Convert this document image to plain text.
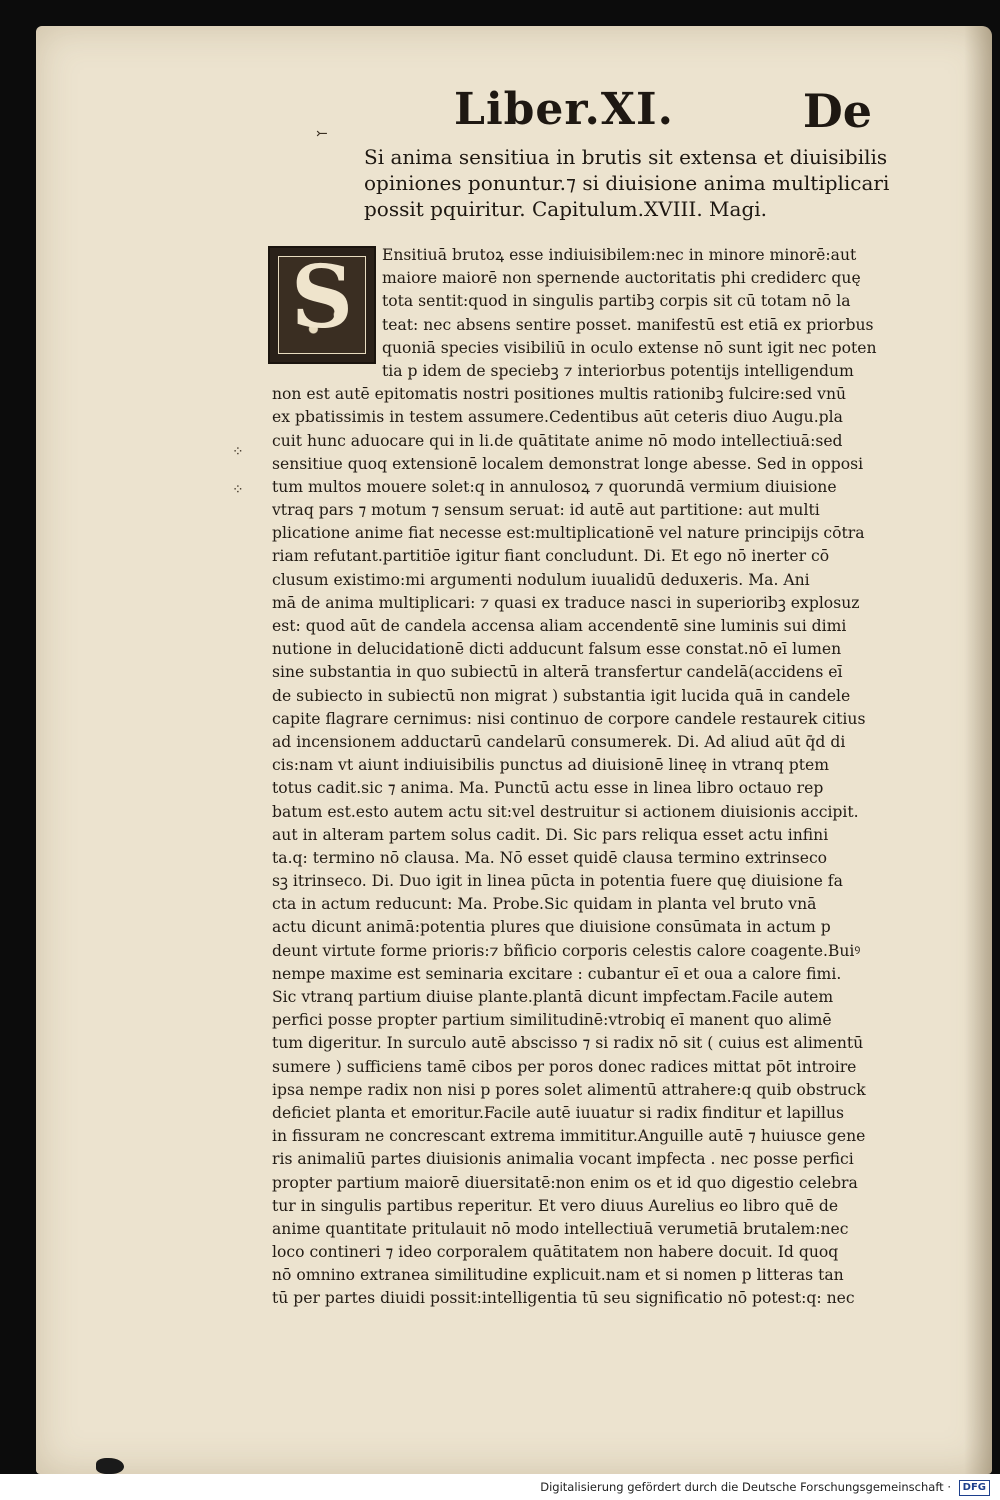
⤚	Liber.XI.	De
Si anima sensitiua in brutis sit extensa et diuisibilis
opiniones ponuntur.⁊ si diuisione anima multiplicari
possit pquiritur. Capitulum.XVIII. Magi.
S	Ensitiuā brutoꝝ esse indiuisibilem:nec in minore minorē:aut
maiore maiorē non spernende auctoritatis phi crediderc quę
tota sentit:quod in singulis partibꝫ corpis sit cū totam nō la
teat: nec absens sentire posset. manifestū est etiā ex priorbus
quoniā species visibiliū in oculo extense nō sunt igit nec poten
tia p idem de speciebꝫ ⁊ interiorbus potentijs intelligendum
non est autē epitomatis nostri positiones multis rationibꝫ fulcire:sed vnū
ex pbatissimis in testem assumere.Cedentibus aūt ceteris diuo Augu.pla
cuit hunc aduocare qui in li.de quātitate anime nō modo intellectiuā:sed
sensitiue quoq extensionē localem demonstrat longe abesse. Sed in opposi
tum multos mouere solet:q in annulosoꝝ ⁊ quorundā vermium diuisione
vtraq pars ⁊ motum ⁊ sensum seruat: id autē aut partitione: aut multi
plicatione anime fiat necesse est:multiplicationē vel nature principijs cōtra
riam refutant.partitiōe igitur fiant concludunt. Di. Et ego nō inerter cō
clusum existimo:mi argumenti nodulum iuualidū deduxeris. Ma. Ani
mā de anima multiplicari: ⁊ quasi ex traduce nasci in superioribꝫ explosuz
est: quod aūt de candela accensa aliam accendentē sine luminis sui dimi
nutione in delucidationē dicti adducunt falsum esse constat.nō eī lumen
sine substantia in quo subiectū in alterā transfertur candelā(accidens eī
de subiecto in subiectū non migrat ) substantia igit lucida quā in candele
capite flagrare cernimus: nisi continuo de corpore candele restaurek citius
ad incensionem adductarū candelarū consumerek. Di. Ad aliud aūt q̄d di
cis:nam vt aiunt indiuisibilis punctus ad diuisionē lineę in vtranq ptem
totus cadit.sic ⁊ anima. Ma. Punctū actu esse in linea libro octauo rep
batum est.esto autem actu sit:vel destruitur si actionem diuisionis accipit.
aut in alteram partem solus cadit. Di. Sic pars reliqua esset actu infini
ta.q: termino nō clausa. Ma. Nō esset quidē clausa termino extrinseco
sꝫ itrinseco. Di. Duo igit in linea pūcta in potentia fuere quę diuisione fa
cta in actum reducunt: Ma. Probe.Sic quidam in planta vel bruto vnā
actu dicunt animā:potentia plures que diuisione consūmata in actum p
deunt virtute forme prioris:⁊ bñficio corporis celestis calore coagente.Buiꝰ
nempe maxime est seminaria excitare : cubantur eī et oua a calore fimi.
Sic vtranq partium diuise plante.plantā dicunt impfectam.Facile autem
perfici posse propter partium similitudinē:vtrobiq eī manent quo alimē
tum digeritur. In surculo autē abscisso ⁊ si radix nō sit ( cuius est alimentū
sumere ) sufficiens tamē cibos per poros donec radices mittat pōt introire
ipsa nempe radix non nisi p pores solet alimentū attrahere:q quib obstruck
deficiet planta et emoritur.Facile autē iuuatur si radix finditur et lapillus
in fissuram ne concrescant extrema immititur.Anguille autē ⁊ huiusce gene
ris animaliū partes diuisionis animalia vocant impfecta . nec posse perfici
propter partium maiorē diuersitatē:non enim os et id quo digestio celebra
tur in singulis partibus reperitur. Et vero diuus Aurelius eo libro quē de
anime quantitate pritulauit nō modo intellectiuā verumetiā brutalem:nec
loco contineri ⁊ ideo corporalem quātitatem non habere docuit. Id quoq
nō omnino extranea similitudine explicuit.nam et si nomen p litteras tan
tū per partes diuidi possit:intelligentia tū seu significatio nō potest:q: nec
⁘
⁘
Digitalisierung gefördert durch die Deutsche Forschungsgemeinschaft · DFG
